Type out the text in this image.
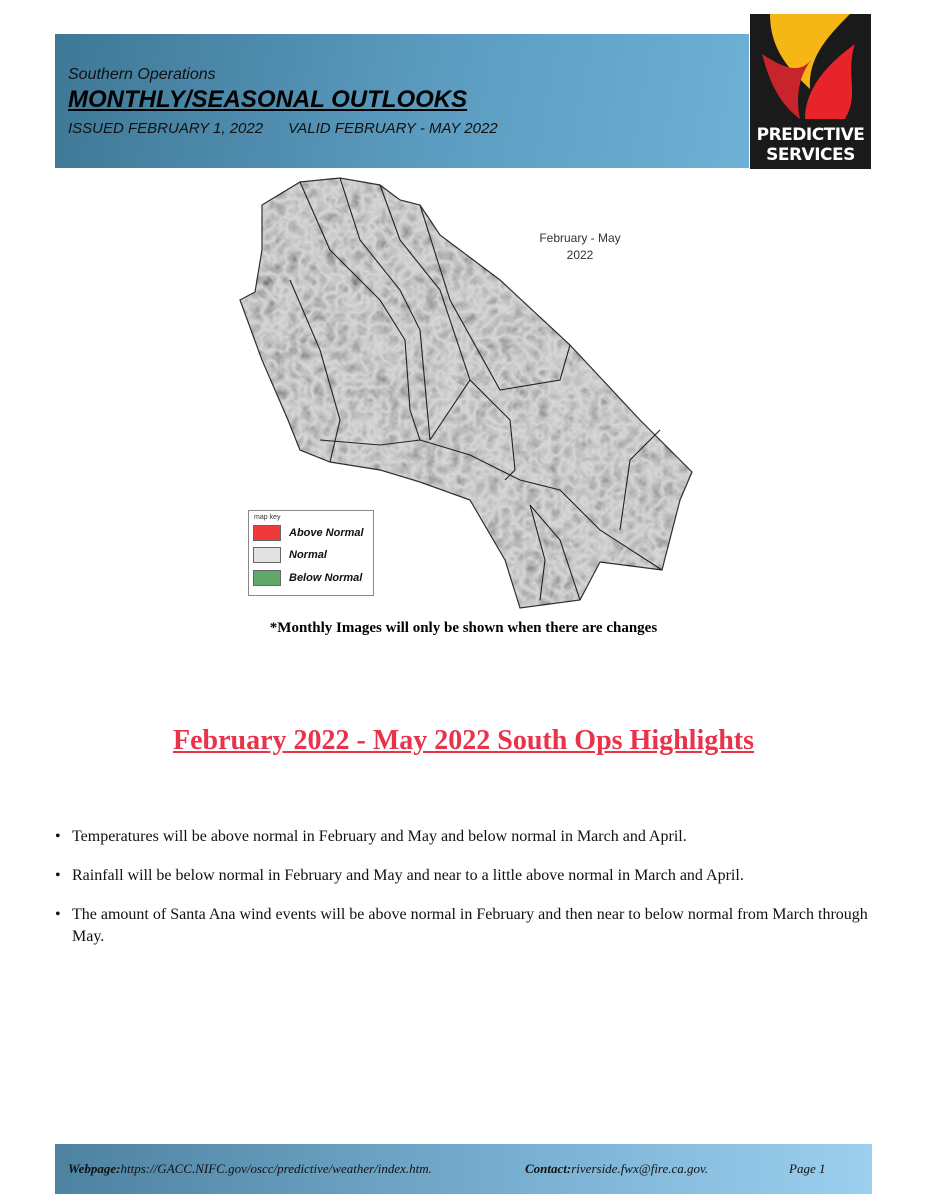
Southern Operations
MONTHLY/SEASONAL OUTLOOKS
ISSUED FEBRUARY 1, 2022 VALID FEBRUARY - MAY 2022	PREDICTIVE
SERVICES
February - May
2022
map key
Above Normal
Normal
Below Normal
*Monthly Images will only be shown when there are changes
February 2022 - May 2022 South Ops Highlights
• Temperatures will be above normal in February and May and below normal in March and April.
• Rainfall will be below normal in February and May and near to a little above normal in March and April.
• The amount of Santa Ana wind events will be above normal in February and then near to below normal from March through May.
Webpage:https://GACC.NIFC.gov/oscc/predictive/weather/index.htm.	Contact:riverside.fwx@fire.ca.gov.	Page 1
